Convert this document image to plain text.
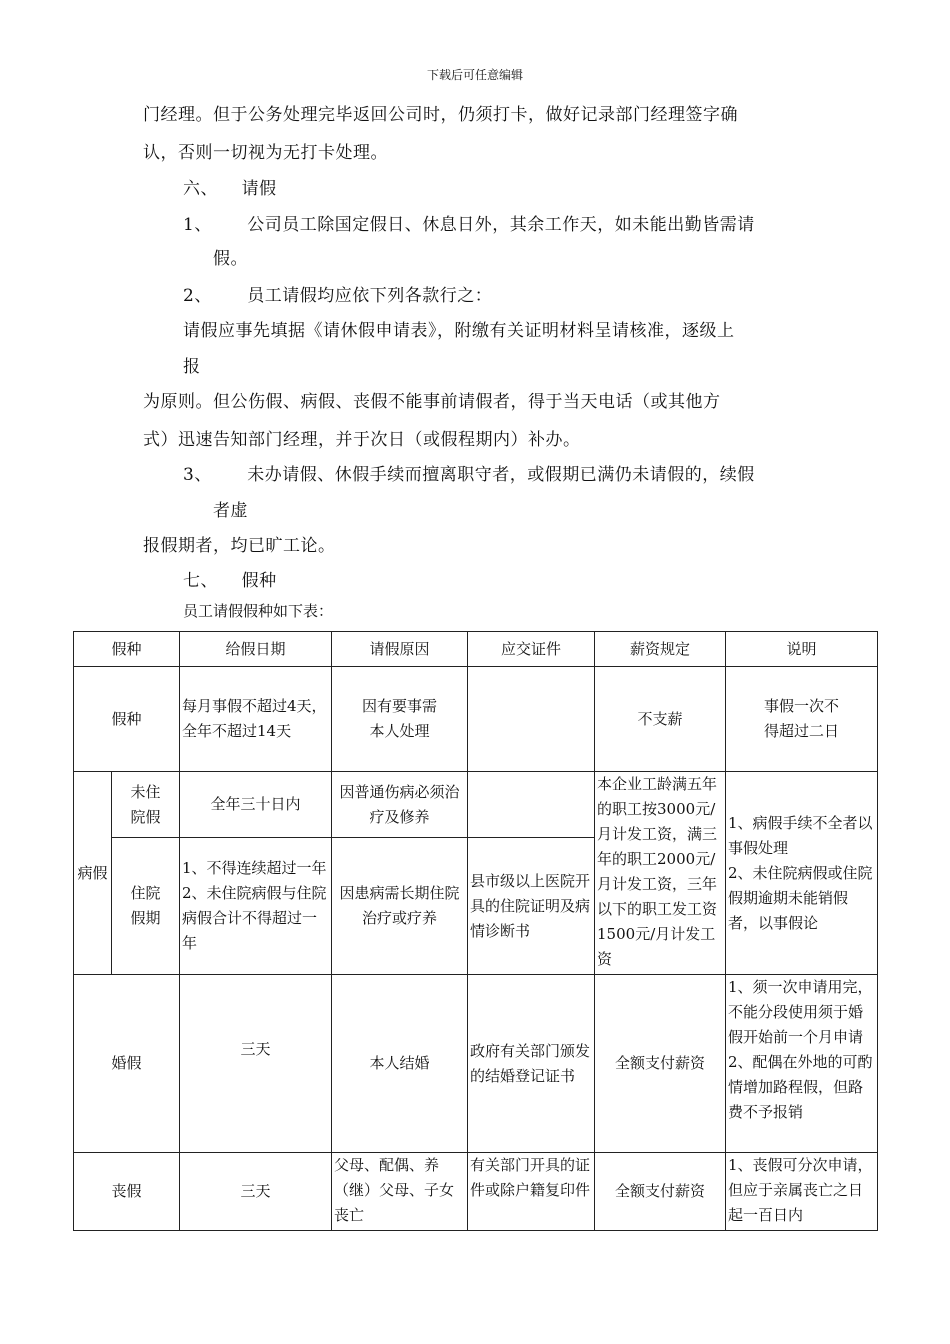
下载后可任意编辑
门经理。但于公务处理完毕返回公司时，仍须打卡，做好记录部门经理签字确
认，否则一切视为无打卡处理。
六、    请假
1、      公司员工除国定假日、休息日外，其余工作天，如未能出勤皆需请
假。
2、      员工请假均应依下列各款行之：
请假应事先填据《请休假申请表》，附缴有关证明材料呈请核准，逐级上
报
为原则。但公伤假、病假、丧假不能事前请假者，得于当天电话（或其他方
式）迅速告知部门经理，并于次日（或假程期内）补办。
3、      未办请假、休假手续而擅离职守者，或假期已满仍未请假的，续假
者虚
报假期者，均已旷工论。
七、    假种
员工请假假种如下表：
假种		给假日期	请假原因	应交证件	薪资规定	说明
假种		每月事假不超过4天，全年不超过14天	因有要事需
本人处理		不支薪	事假一次不
得超过二日
病假	未住
院假	全年三十日内	因普通伤病必须治疗及修养		本企业工龄满五年的职工按3000元/月计发工资，满三年的职工2000元/月计发工资，三年以下的职工发工资1500元/月计发工资	1、病假手续不全者以事假处理
2、未住院病假或住院假期逾期未能销假者，以事假论
	住院
假期	1、不得连续超过一年
2、未住院病假与住院病假合计不得超过一年	因患病需长期住院治疗或疗养	县市级以上医院开具的住院证明及病情诊断书		
婚假		三天	本人结婚	政府有关部门颁发的结婚登记证书	全额支付薪资	1、须一次申请用完，不能分段使用须于婚假开始前一个月申请
2、配偶在外地的可酌情增加路程假，但路费不予报销
丧假		三天	父母、配偶、养（继）父母、子女丧亡	有关部门开具的证件或除户籍复印件	全额支付薪资	1、丧假可分次申请，但应于亲属丧亡之日起一百日内
